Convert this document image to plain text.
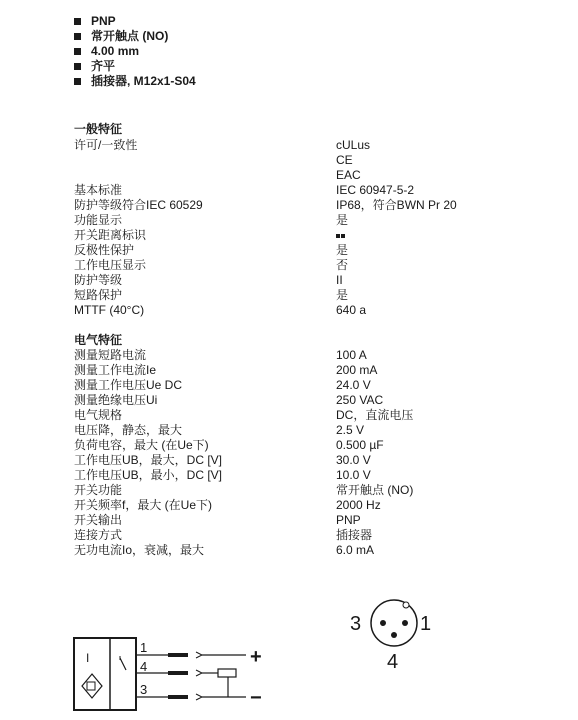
PNP
常开触点 (NO)
4.00 mm
齐平
插接器, M12x1-S04
一般特征
许可/一致性	cULus
CE
EAC
基本标准	IEC 60947-5-2
防护等级符合IEC 60529	IP68，符合BWN Pr 20
功能显示	是
开关距离标识
反极性保护	是
工作电压显示	否
防护等级	II
短路保护	是
MTTF (40°C)	640 a
电气特征
测量短路电流	100 A
测量工作电流Ie	200 mA
测量工作电压Ue DC	24.0 V
测量绝缘电压Ui	250 VAC
电气规格	DC，直流电压
电压降，静态，最大	2.5 V
负荷电容，最大 (在Ue下)	0.500 µF
工作电压UB，最大，DC [V]	30.0 V
工作电压UB，最小，DC [V]	10.0 V
开关功能	常开触点 (NO)
开关频率f，最大 (在Ue下)	2000 Hz
开关输出	PNP
连接方式	插接器
无功电流Io，衰减，最大	6.0 mA
3	1
4
I
1
4
3
+
−
